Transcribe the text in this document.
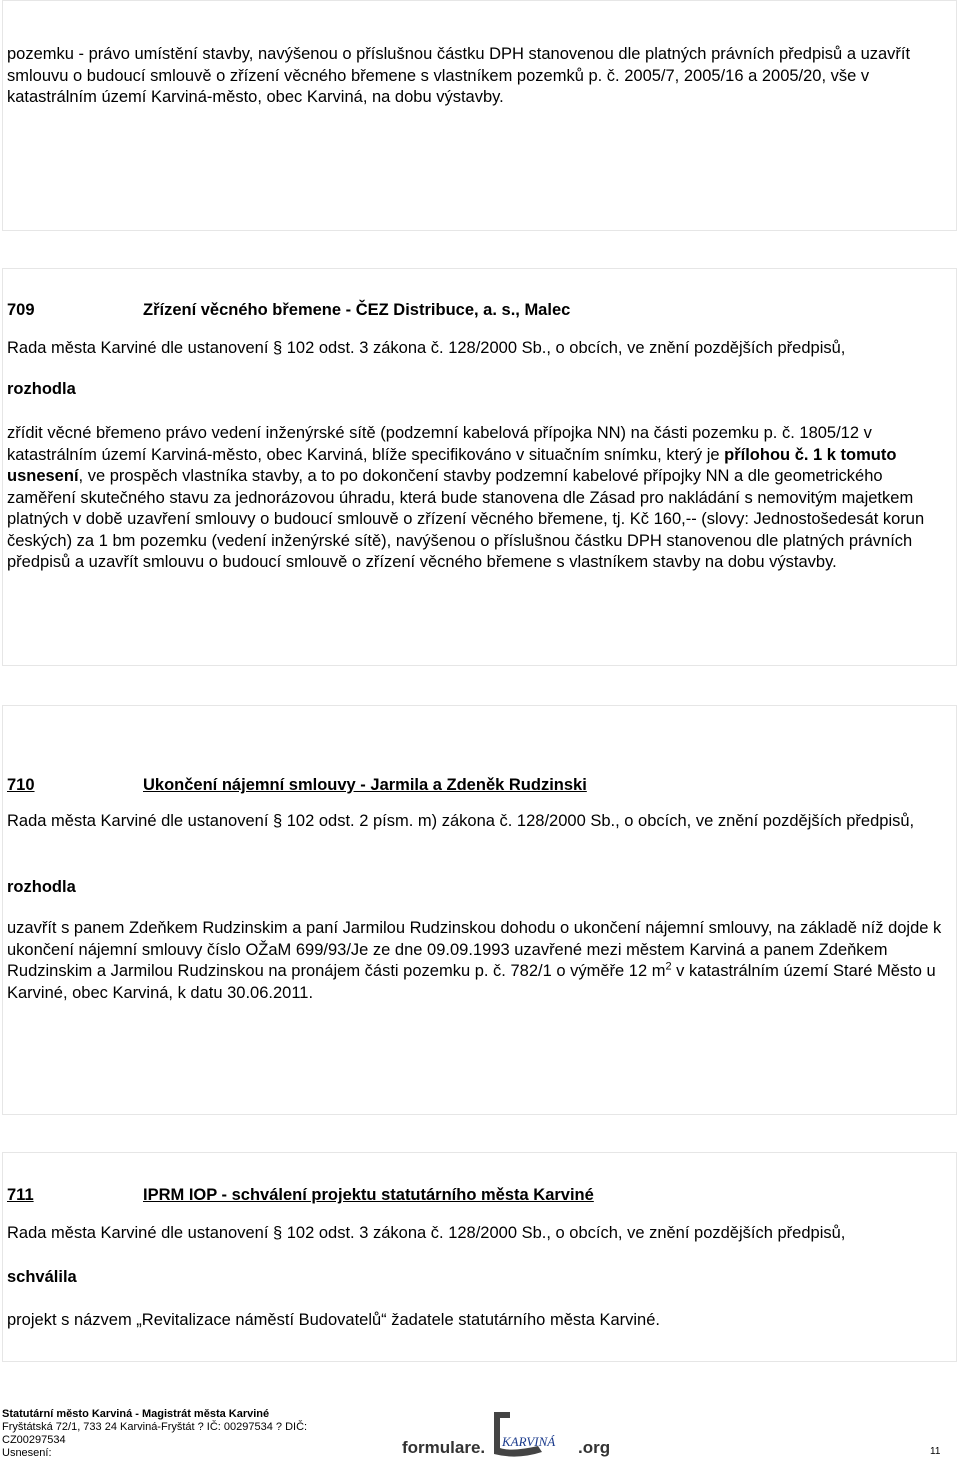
pozemku - právo umístění stavby, navýšenou o příslušnou částku DPH stanovenou dle platných právních předpisů a uzavřít smlouvu o budoucí smlouvě o zřízení věcného břemene s vlastníkem pozemků p. č. 2005/7, 2005/16 a 2005/20, vše v katastrálním území Karviná-město, obec Karviná, na dobu výstavby.

709	Zřízení věcného břemene - ČEZ Distribuce, a. s., Malec

Rada města Karviné dle ustanovení § 102 odst. 3 zákona č. 128/2000 Sb., o obcích, ve znění pozdějších předpisů,

rozhodla

zřídit věcné břemeno právo vedení inženýrské sítě (podzemní kabelová přípojka NN) na části pozemku p. č. 1805/12 v katastrálním území Karviná-město, obec Karviná, blíže specifikováno v situačním snímku, který je přílohou č. 1 k tomuto usnesení, ve prospěch vlastníka stavby, a to po dokončení stavby podzemní kabelové přípojky NN a dle geometrického zaměření skutečného stavu za jednorázovou úhradu, která bude stanovena dle Zásad pro nakládání s nemovitým majetkem platných v době uzavření smlouvy o budoucí smlouvě o zřízení věcného břemene, tj. Kč 160,-- (slovy: Jednostošedesát korun českých) za 1 bm pozemku (vedení inženýrské sítě), navýšenou o příslušnou částku DPH stanovenou dle platných právních předpisů a uzavřít smlouvu o budoucí smlouvě o zřízení věcného břemene s vlastníkem stavby na dobu výstavby.

710	Ukončení nájemní smlouvy - Jarmila a Zdeněk Rudzinski

Rada města Karviné dle ustanovení § 102 odst. 2 písm. m) zákona č. 128/2000 Sb., o obcích, ve znění pozdějších předpisů,

rozhodla

uzavřít s panem Zdeňkem Rudzinskim a paní Jarmilou Rudzinskou dohodu o ukončení nájemní smlouvy, na základě níž dojde k ukončení nájemní smlouvy číslo OŽaM 699/93/Je ze dne 09.09.1993 uzavřené mezi městem Karviná a panem Zdeňkem Rudzinskim a Jarmilou Rudzinskou na pronájem části pozemku p. č. 782/1 o výměře 12 $m^2$ v katastrálním území Staré Město u Karviné, obec Karviná, k datu 30.06.2011.

711	IPRM IOP - schválení projektu statutárního města Karviné

Rada města Karviné dle ustanovení § 102 odst. 3 zákona č. 128/2000 Sb., o obcích, ve znění pozdějších předpisů,

schválila

projekt s názvem „Revitalizace náměstí Budovatelů“ žadatele statutárního města Karviné.

Statutární město Karviná - Magistrát města Karviné
Fryštátská 72/1, 733 24 Karviná-Fryštát ? IČ: 00297534 ? DIČ: CZ00297534
Usnesení:	formulare. KARVINÁ .org	11
